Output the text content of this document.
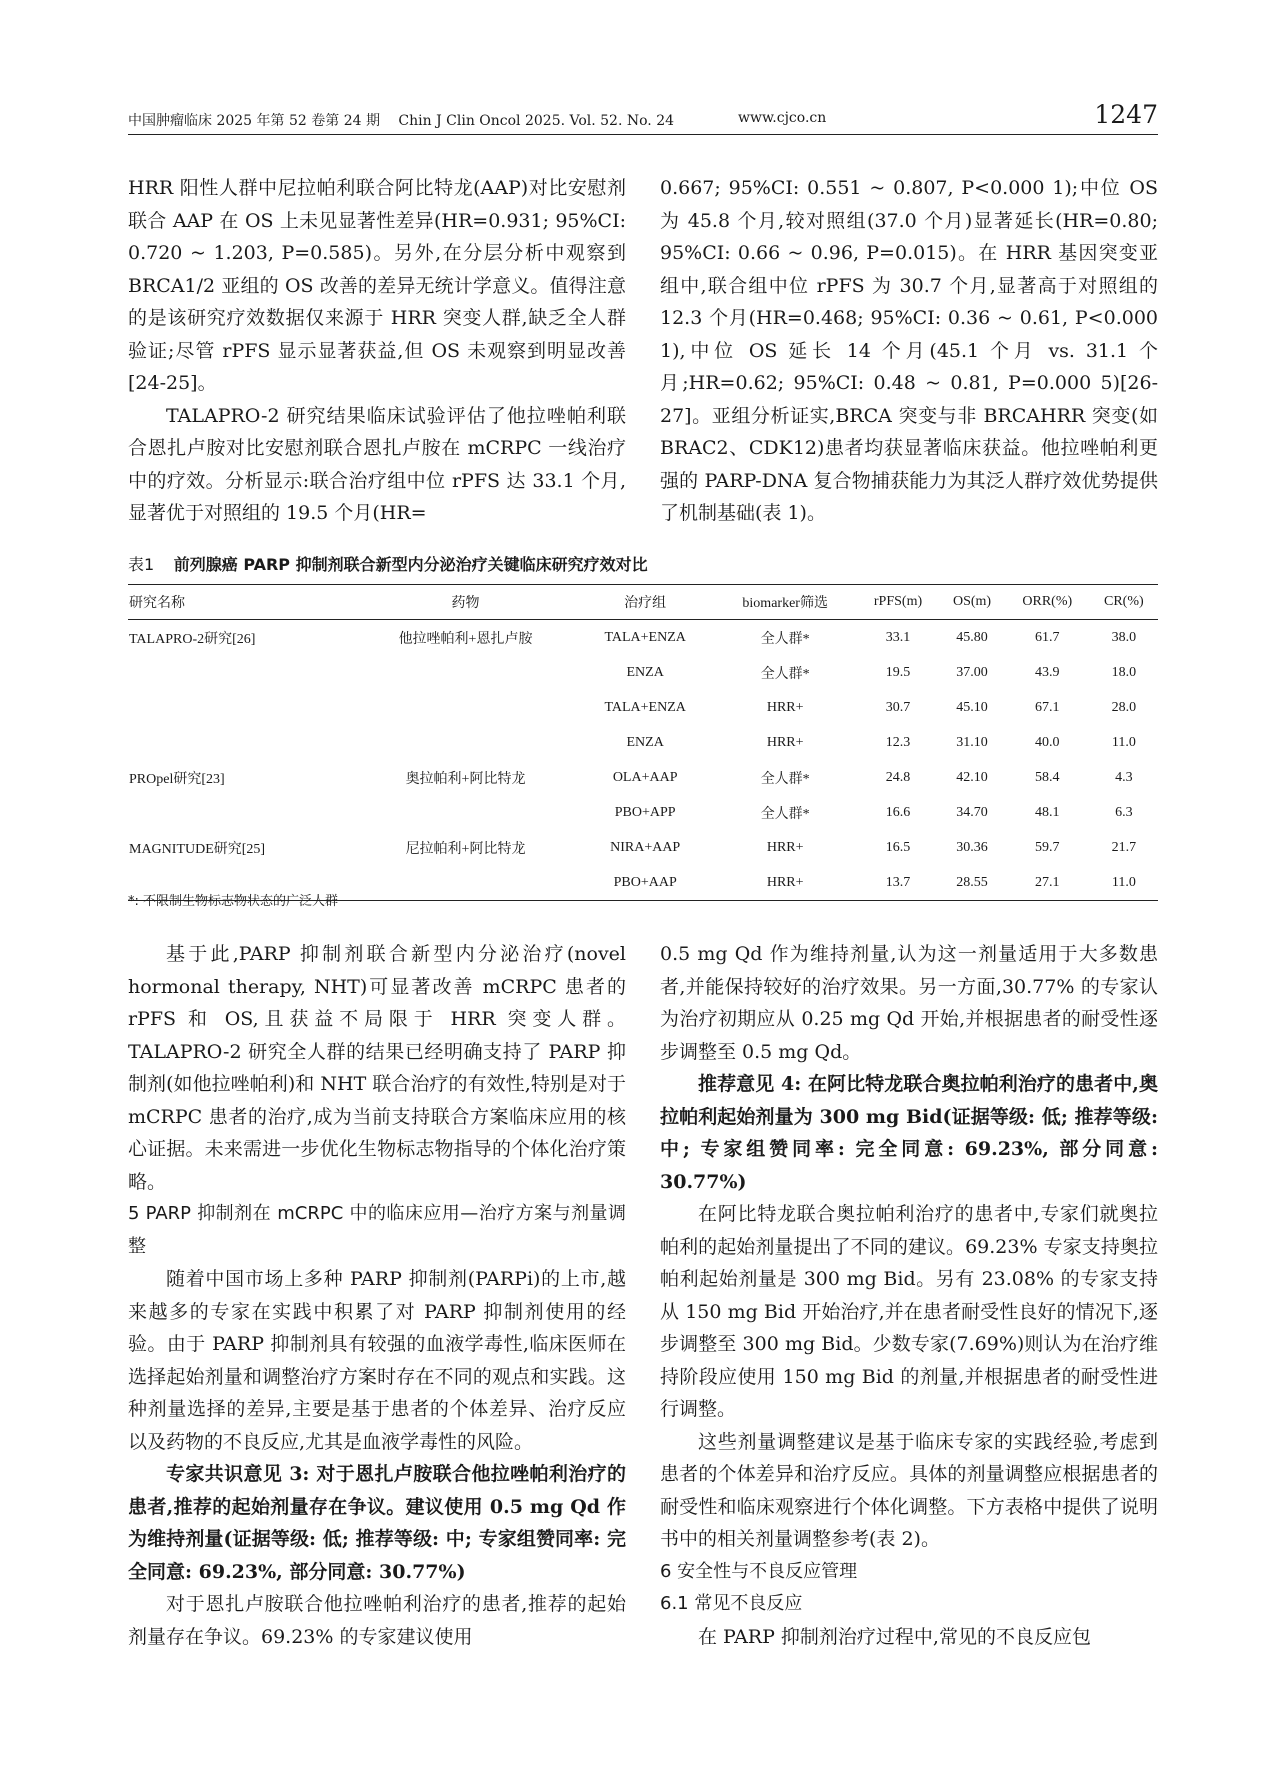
中国肿瘤临床 2025 年第 52 卷第 24 期 Chin J Clin Oncol 2025. Vol. 52. No. 24	www.cjco.cn	1247

HRR 阳性人群中尼拉帕利联合阿比特龙(AAP)对比安慰剂联合 AAP 在 OS 上未见显著性差异(HR=0.931; 95%CI: 0.720 ~ 1.203, P=0.585)。另外,在分层分析中观察到 BRCA1/2 亚组的 OS 改善的差异无统计学意义。值得注意的是该研究疗效数据仅来源于 HRR 突变人群,缺乏全人群验证;尽管 rPFS 显示显著获益,但 OS 未观察到明显改善[24-25]。

TALAPRO-2 研究结果临床试验评估了他拉唑帕利联合恩扎卢胺对比安慰剂联合恩扎卢胺在 mCRPC 一线治疗中的疗效。分析显示:联合治疗组中位 rPFS 达 33.1 个月,显著优于对照组的 19.5 个月(HR=

0.667; 95%CI: 0.551 ~ 0.807, P<0.000 1);中位 OS 为 45.8 个月,较对照组(37.0 个月)显著延长(HR=0.80; 95%CI: 0.66 ~ 0.96, P=0.015)。在 HRR 基因突变亚组中,联合组中位 rPFS 为 30.7 个月,显著高于对照组的 12.3 个月(HR=0.468; 95%CI: 0.36 ~ 0.61, P<0.000 1),中位 OS 延长 14 个月(45.1 个月 vs. 31.1 个月;HR=0.62; 95%CI: 0.48 ~ 0.81, P=0.000 5)[26-27]。亚组分析证实,BRCA 突变与非 BRCAHRR 突变(如 BRAC2、CDK12)患者均获显著临床获益。他拉唑帕利更强的 PARP-DNA 复合物捕获能力为其泛人群疗效优势提供了机制基础(表 1)。

表1 前列腺癌 PARP 抑制剂联合新型内分泌治疗关键临床研究疗效对比
研究名称	药物	治疗组	biomarker筛选	rPFS(m)	OS(m)	ORR(%)	CR(%)
TALAPRO-2研究[26]	他拉唑帕利+恩扎卢胺	TALA+ENZA	全人群*	33.1	45.80	61.7	38.0
		ENZA	全人群*	19.5	37.00	43.9	18.0
		TALA+ENZA	HRR+	30.7	45.10	67.1	28.0
		ENZA	HRR+	12.3	31.10	40.0	11.0
PROpel研究[23]	奥拉帕利+阿比特龙	OLA+AAP	全人群*	24.8	42.10	58.4	4.3
		PBO+APP	全人群*	16.6	34.70	48.1	6.3
MAGNITUDE研究[25]	尼拉帕利+阿比特龙	NIRA+AAP	HRR+	16.5	30.36	59.7	21.7
		PBO+AAP	HRR+	13.7	28.55	27.1	11.0
*: 不限制生物标志物状态的广泛人群

基于此,PARP 抑制剂联合新型内分泌治疗(novel hormonal therapy, NHT)可显著改善 mCRPC 患者的 rPFS 和 OS,且获益不局限于 HRR 突变人群。TALAPRO-2 研究全人群的结果已经明确支持了 PARP 抑制剂(如他拉唑帕利)和 NHT 联合治疗的有效性,特别是对于 mCRPC 患者的治疗,成为当前支持联合方案临床应用的核心证据。未来需进一步优化生物标志物指导的个体化治疗策略。

5 PARP 抑制剂在 mCRPC 中的临床应用—治疗方案与剂量调整

随着中国市场上多种 PARP 抑制剂(PARPi)的上市,越来越多的专家在实践中积累了对 PARP 抑制剂使用的经验。由于 PARP 抑制剂具有较强的血液学毒性,临床医师在选择起始剂量和调整治疗方案时存在不同的观点和实践。这种剂量选择的差异,主要是基于患者的个体差异、治疗反应以及药物的不良反应,尤其是血液学毒性的风险。

专家共识意见 3: 对于恩扎卢胺联合他拉唑帕利治疗的患者,推荐的起始剂量存在争议。建议使用 0.5 mg Qd 作为维持剂量(证据等级: 低; 推荐等级: 中; 专家组赞同率: 完全同意: 69.23%, 部分同意: 30.77%)

对于恩扎卢胺联合他拉唑帕利治疗的患者,推荐的起始剂量存在争议。69.23% 的专家建议使用

0.5 mg Qd 作为维持剂量,认为这一剂量适用于大多数患者,并能保持较好的治疗效果。另一方面,30.77% 的专家认为治疗初期应从 0.25 mg Qd 开始,并根据患者的耐受性逐步调整至 0.5 mg Qd。

推荐意见 4: 在阿比特龙联合奥拉帕利治疗的患者中,奥拉帕利起始剂量为 300 mg Bid(证据等级: 低; 推荐等级: 中; 专家组赞同率: 完全同意: 69.23%, 部分同意: 30.77%)

在阿比特龙联合奥拉帕利治疗的患者中,专家们就奥拉帕利的起始剂量提出了不同的建议。69.23% 专家支持奥拉帕利起始剂量是 300 mg Bid。另有 23.08% 的专家支持从 150 mg Bid 开始治疗,并在患者耐受性良好的情况下,逐步调整至 300 mg Bid。少数专家(7.69%)则认为在治疗维持阶段应使用 150 mg Bid 的剂量,并根据患者的耐受性进行调整。

这些剂量调整建议是基于临床专家的实践经验,考虑到患者的个体差异和治疗反应。具体的剂量调整应根据患者的耐受性和临床观察进行个体化调整。下方表格中提供了说明书中的相关剂量调整参考(表 2)。

6 安全性与不良反应管理
6.1 常见不良反应

在 PARP 抑制剂治疗过程中,常见的不良反应包
